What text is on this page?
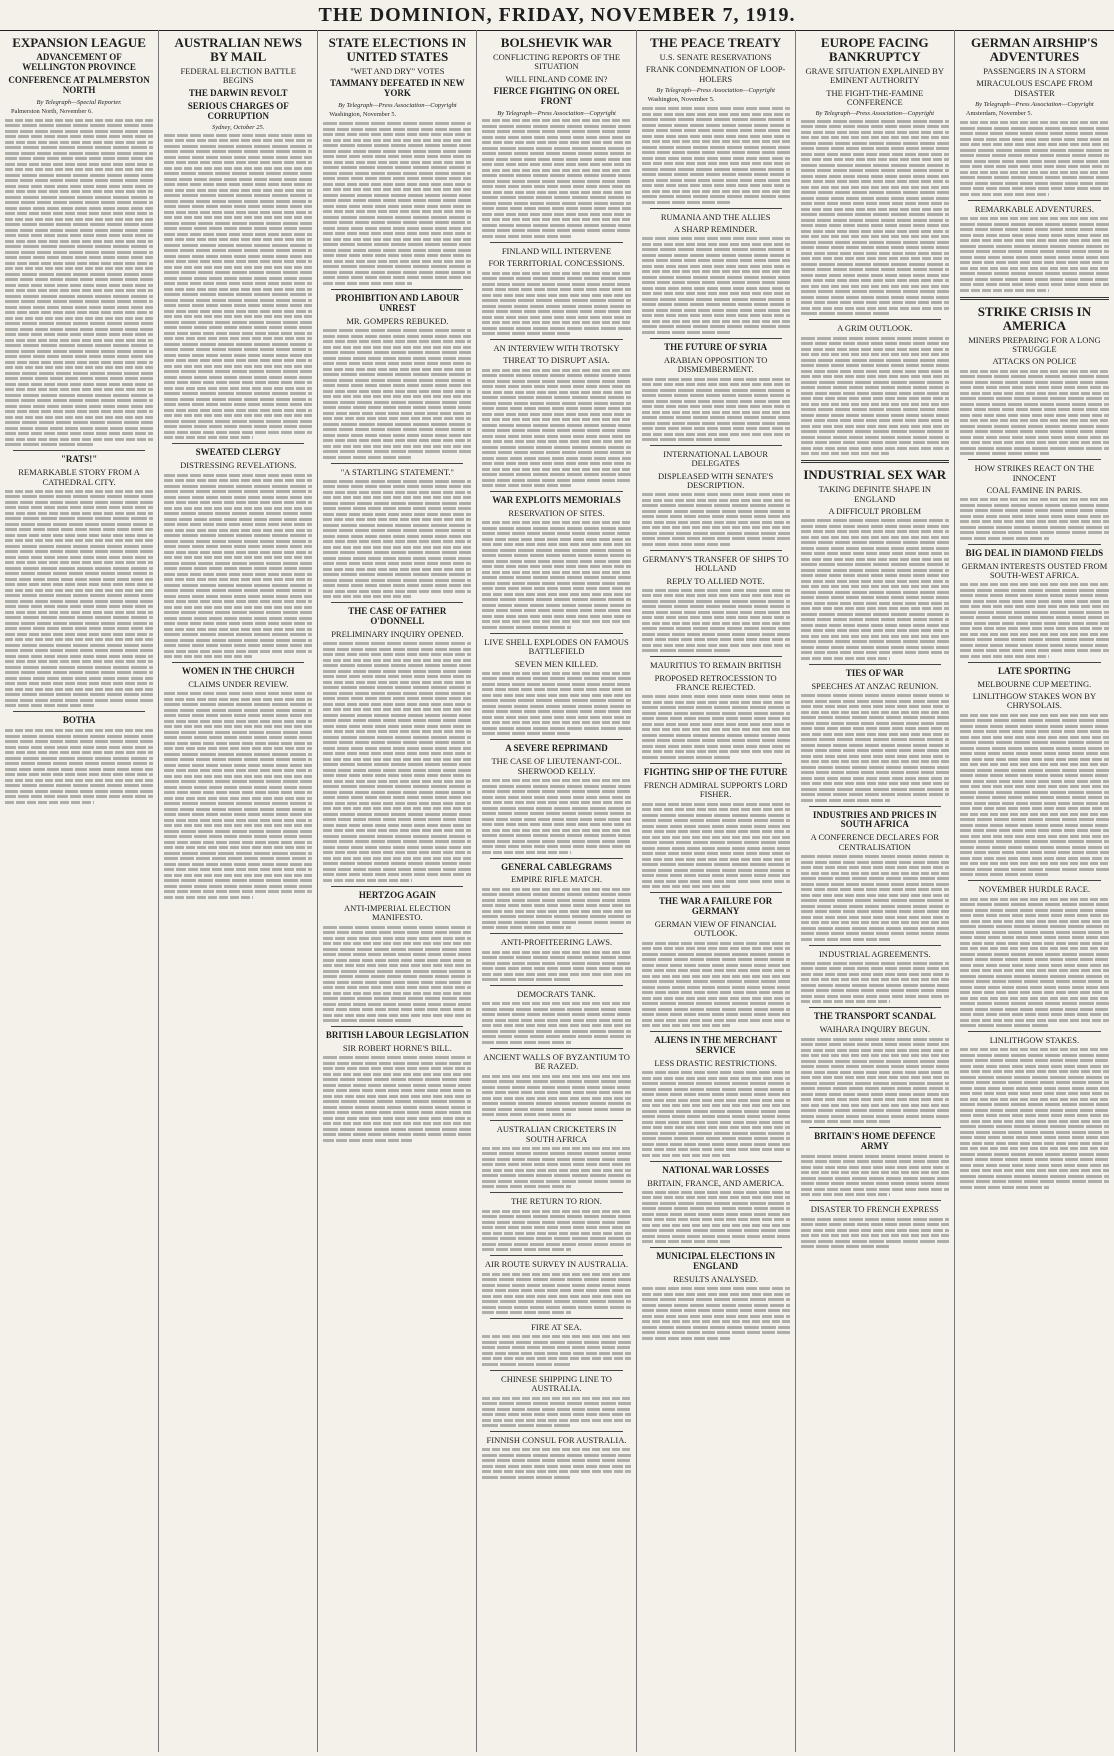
THE DOMINION, FRIDAY, NOVEMBER 7, 1919.
EXPANSION LEAGUE
ADVANCEMENT OF WELLINGTON PROVINCE
CONFERENCE AT PALMERSTON NORTH
By Telegraph—Special Reporter.
Palmerston North, November 6.
"RATS!"
REMARKABLE STORY FROM A CATHEDRAL CITY.
BOTHA
AUSTRALIAN NEWS BY MAIL
FEDERAL ELECTION BATTLE BEGINS
THE DARWIN REVOLT
SERIOUS CHARGES OF CORRUPTION
Sydney, October 25.
SWEATED CLERGY
DISTRESSING REVELATIONS.
WOMEN IN THE CHURCH
CLAIMS UNDER REVIEW.
STATE ELECTIONS IN UNITED STATES
"WET AND DRY" VOTES
TAMMANY DEFEATED IN NEW YORK
By Telegraph—Press Association—Copyright
Washington, November 5.
PROHIBITION AND LABOUR UNREST
MR. GOMPERS REBUKED.
"A STARTLING STATEMENT."
THE CASE OF FATHER O'DONNELL
PRELIMINARY INQUIRY OPENED.
HERTZOG AGAIN
ANTI-IMPERIAL ELECTION MANIFESTO.
BRITISH LABOUR LEGISLATION
SIR ROBERT HORNE'S BILL.
BOLSHEVIK WAR
CONFLICTING REPORTS OF THE SITUATION
WILL FINLAND COME IN?
FIERCE FIGHTING ON OREL FRONT
By Telegraph—Press Association—Copyright
FINLAND WILL INTERVENE
FOR TERRITORIAL CONCESSIONS.
AN INTERVIEW WITH TROTSKY
THREAT TO DISRUPT ASIA.
WAR EXPLOITS MEMORIALS
RESERVATION OF SITES.
LIVE SHELL EXPLODES ON FAMOUS BATTLEFIELD
SEVEN MEN KILLED.
A SEVERE REPRIMAND
THE CASE OF LIEUTENANT-COL. SHERWOOD KELLY.
GENERAL CABLEGRAMS
EMPIRE RIFLE MATCH.
ANTI-PROFITEERING LAWS.
DEMOCRATS TANK.
ANCIENT WALLS OF BYZANTIUM TO BE RAZED.
AUSTRALIAN CRICKETERS IN SOUTH AFRICA
THE RETURN TO RION.
AIR ROUTE SURVEY IN AUSTRALIA.
FIRE AT SEA.
CHINESE SHIPPING LINE TO AUSTRALIA.
FINNISH CONSUL FOR AUSTRALIA.
THE PEACE TREATY
U.S. SENATE RESERVATIONS
FRANK CONDEMNATION OF LOOP-HOLERS
By Telegraph—Press Association—Copyright
Washington, November 5.
RUMANIA AND THE ALLIES
A SHARP REMINDER.
THE FUTURE OF SYRIA
ARABIAN OPPOSITION TO DISMEMBERMENT.
INTERNATIONAL LABOUR DELEGATES
DISPLEASED WITH SENATE'S DESCRIPTION.
GERMANY'S TRANSFER OF SHIPS TO HOLLAND
REPLY TO ALLIED NOTE.
MAURITIUS TO REMAIN BRITISH
PROPOSED RETROCESSION TO FRANCE REJECTED.
FIGHTING SHIP OF THE FUTURE
FRENCH ADMIRAL SUPPORTS LORD FISHER.
THE WAR A FAILURE FOR GERMANY
GERMAN VIEW OF FINANCIAL OUTLOOK.
ALIENS IN THE MERCHANT SERVICE
LESS DRASTIC RESTRICTIONS.
NATIONAL WAR LOSSES
BRITAIN, FRANCE, AND AMERICA.
MUNICIPAL ELECTIONS IN ENGLAND
RESULTS ANALYSED.
EUROPE FACING BANKRUPTCY
GRAVE SITUATION EXPLAINED BY EMINENT AUTHORITY
THE FIGHT-THE-FAMINE CONFERENCE
By Telegraph—Press Association—Copyright
A GRIM OUTLOOK.
INDUSTRIAL SEX WAR
TAKING DEFINITE SHAPE IN ENGLAND
A DIFFICULT PROBLEM
TIES OF WAR
SPEECHES AT ANZAC REUNION.
INDUSTRIES AND PRICES IN SOUTH AFRICA
A CONFERENCE DECLARES FOR CENTRALISATION
INDUSTRIAL AGREEMENTS.
THE TRANSPORT SCANDAL
WAIHARA INQUIRY BEGUN.
BRITAIN'S HOME DEFENCE ARMY
DISASTER TO FRENCH EXPRESS
GERMAN AIRSHIP'S ADVENTURES
PASSENGERS IN A STORM
MIRACULOUS ESCAPE FROM DISASTER
By Telegraph—Press Association—Copyright
Amsterdam, November 5.
REMARKABLE ADVENTURES.
STRIKE CRISIS IN AMERICA
MINERS PREPARING FOR A LONG STRUGGLE
ATTACKS ON POLICE
HOW STRIKES REACT ON THE INNOCENT
COAL FAMINE IN PARIS.
BIG DEAL IN DIAMOND FIELDS
GERMAN INTERESTS OUSTED FROM SOUTH-WEST AFRICA.
LATE SPORTING
MELBOURNE CUP MEETING.
LINLITHGOW STAKES WON BY CHRYSOLAIS.
NOVEMBER HURDLE RACE.
LINLITHGOW STAKES.
